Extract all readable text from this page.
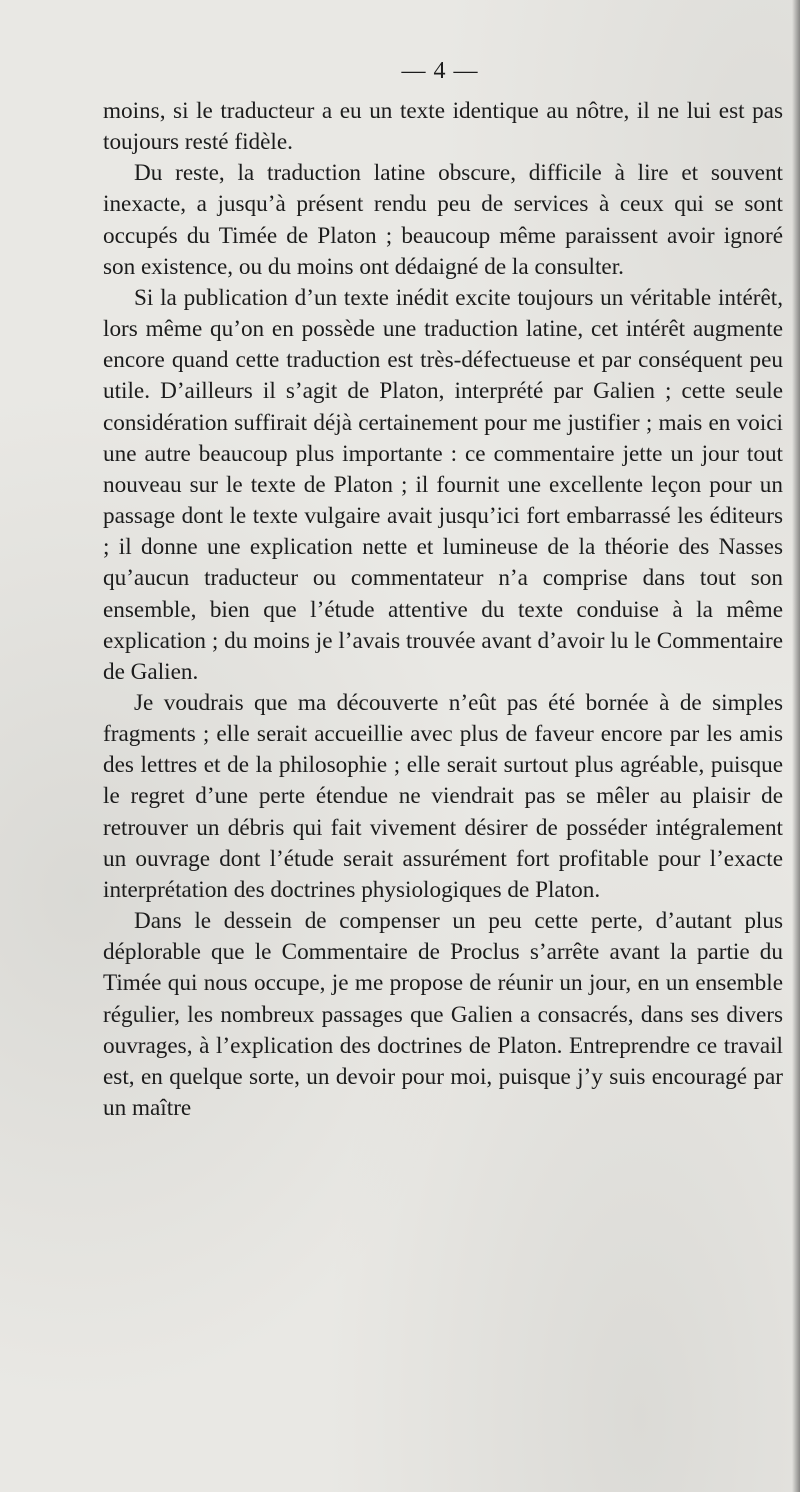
— 4 —

moins, si le traducteur a eu un texte identique au nôtre, il ne lui est pas toujours resté fidèle.

Du reste, la traduction latine obscure, difficile à lire et souvent inexacte, a jusqu’à présent rendu peu de services à ceux qui se sont occupés du Timée de Platon ; beaucoup même paraissent avoir ignoré son existence, ou du moins ont dédaigné de la consulter.

Si la publication d’un texte inédit excite toujours un véritable intérêt, lors même qu’on en possède une traduction latine, cet intérêt augmente encore quand cette traduction est très-défectueuse et par conséquent peu utile. D’ailleurs il s’agit de Platon, interprété par Galien ; cette seule considération suffirait déjà certainement pour me justifier ; mais en voici une autre beaucoup plus importante : ce commentaire jette un jour tout nouveau sur le texte de Platon ; il fournit une excellente leçon pour un passage dont le texte vulgaire avait jusqu’ici fort embarrassé les éditeurs ; il donne une explication nette et lumineuse de la théorie des Nasses qu’aucun traducteur ou commentateur n’a comprise dans tout son ensemble, bien que l’étude attentive du texte conduise à la même explication ; du moins je l’avais trouvée avant d’avoir lu le Commentaire de Galien.

Je voudrais que ma découverte n’eût pas été bornée à de simples fragments ; elle serait accueillie avec plus de faveur encore par les amis des lettres et de la philosophie ; elle serait surtout plus agréable, puisque le regret d’une perte étendue ne viendrait pas se mêler au plaisir de retrouver un débris qui fait vivement désirer de posséder intégralement un ouvrage dont l’étude serait assurément fort profitable pour l’exacte interprétation des doctrines physiologiques de Platon.

Dans le dessein de compenser un peu cette perte, d’autant plus déplorable que le Commentaire de Proclus s’arrête avant la partie du Timée qui nous occupe, je me propose de réunir un jour, en un ensemble régulier, les nombreux passages que Galien a consacrés, dans ses divers ouvrages, à l’explication des doctrines de Platon. Entreprendre ce travail est, en quelque sorte, un devoir pour moi, puisque j’y suis encouragé par un maître
